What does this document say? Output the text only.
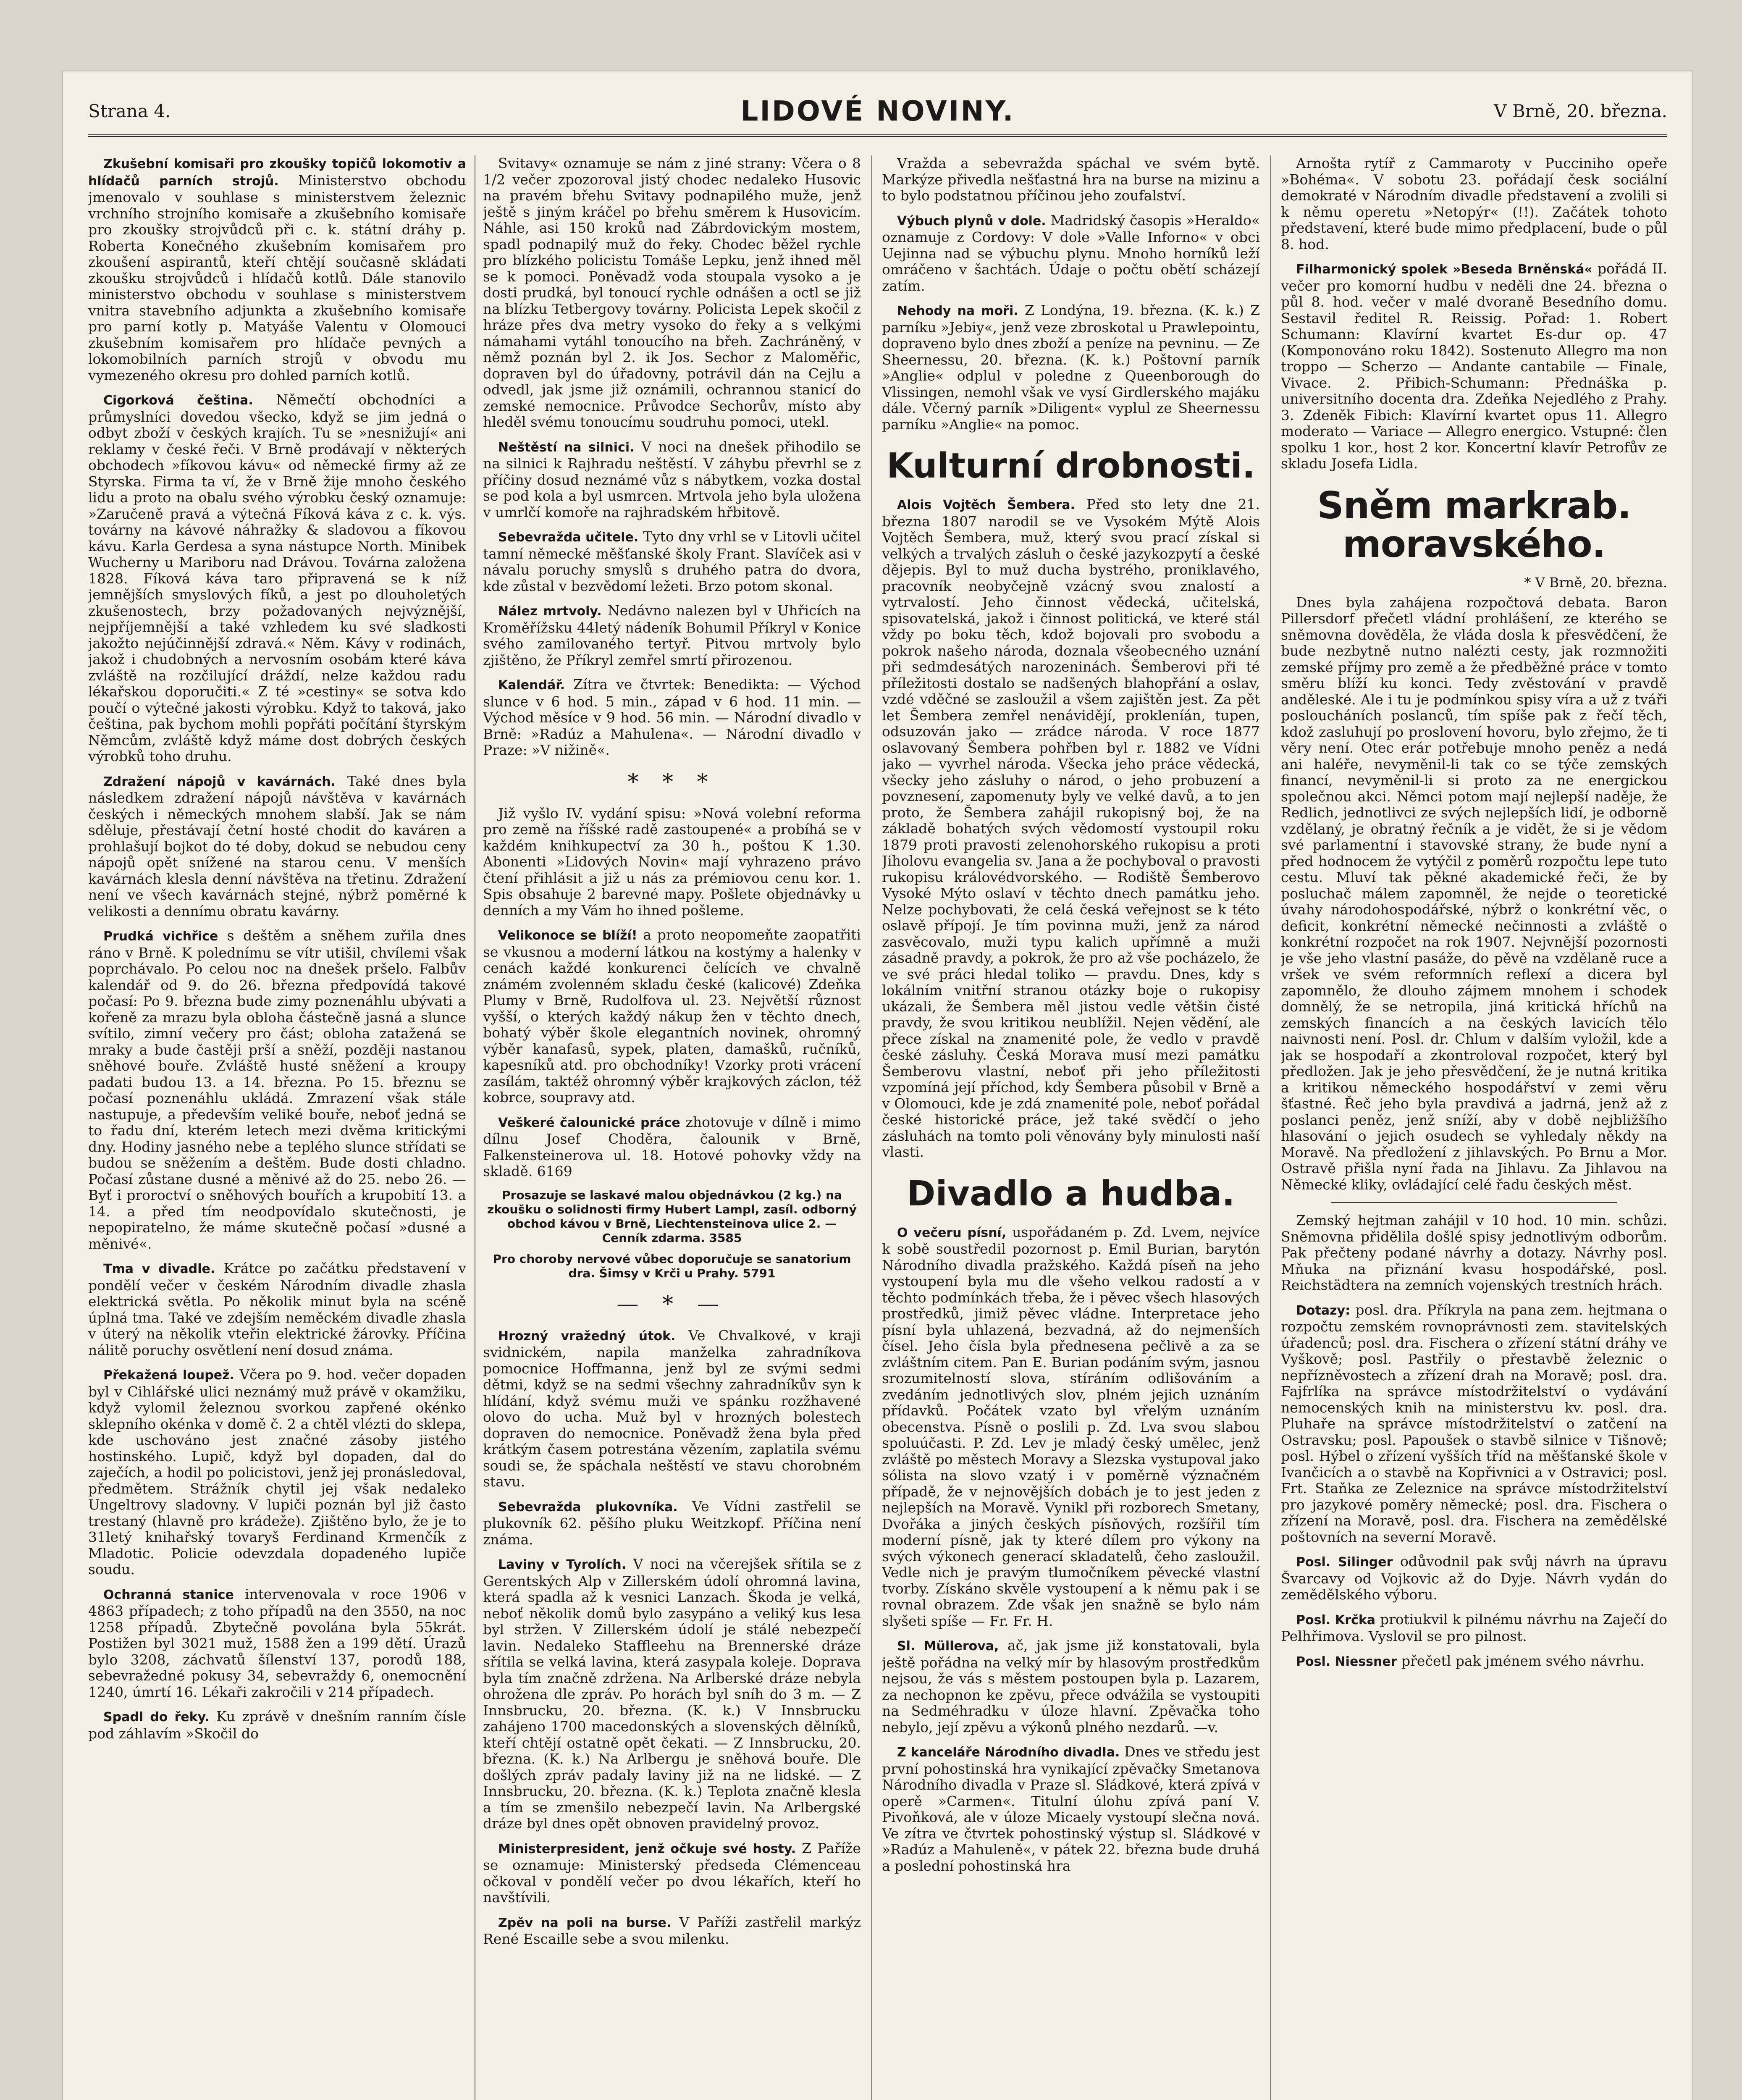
Strana 4.	LIDOVÉ NOVINY.	V Brně, 20. března.

Zkušební komisaři pro zkoušky topičů lokomotiv a hlídačů parních strojů. Ministerstvo obchodu jmenovalo v souhlase s ministerstvem železnic vrchního strojního komisaře a zkušebního komisaře pro zkoušky strojvůdců při c. k. státní dráhy p. Roberta Konečného zkušebním komisařem pro zkoušení aspirantů, kteří chtějí současně skládati zkoušku strojvůdců i hlídačů kotlů. Dále stanovilo ministerstvo obchodu v souhlase s ministerstvem vnitra stavebního adjunkta a zkušebního komisaře pro parní kotly p. Matyáše Valentu v Olomouci zkušebním komisařem pro hlídače pevných a lokomobilních parních strojů v obvodu mu vymezeného okresu pro dohled parních kotlů.

Cigorková čeština. Němečtí obchodníci a průmyslníci dovedou všecko, když se jim jedná o odbyt zboží v českých krajích. Tu se »nesnižují« ani reklamy v české řeči. V Brně prodávají v některých obchodech »fíkovou kávu« od německé firmy až ze Styrska. Firma ta ví, že v Brně žije mnoho českého lidu a proto na obalu svého výrobku český oznamuje: »Zaručeně pravá a výtečná Fíková káva z c. k. výs. továrny na kávové náhražky & sladovou a fíkovou kávu. Karla Gerdesa a syna nástupce North. Minibek Wucherny u Mariboru nad Drávou. Továrna založena 1828. Fíková káva taro připravená se k níž jemnějších smyslových fíků, a jest po dlouholetých zkušenostech, brzy požadovaných nejvýznější, nejpříjemnější a také vzhledem ku své sladkosti jakožto nejúčinnější zdravá.« Něm. Kávy v rodinách, jakož i chudobných a nervosním osobám které káva zvláště na rozčilující dráždí, nelze každou radu lékařskou doporučiti.« Z té »cestiny« se sotva kdo poučí o výtečné jakosti výrobku. Když to taková, jako čeština, pak bychom mohli popřáti počítání štyrským Němcům, zvláště když máme dost dobrých českých výrobků toho druhu.

Zdražení nápojů v kavárnách. Také dnes byla následkem zdražení nápojů návštěva v kavárnách českých i německých mnohem slabší. Jak se nám sděluje, přestávají četní hosté chodit do kaváren a prohlašují bojkot do té doby, dokud se nebudou ceny nápojů opět snížené na starou cenu. V menších kavárnách klesla denní návštěva na třetinu. Zdražení není ve všech kavárnách stejné, nýbrž poměrné k velikosti a dennímu obratu kavárny.

Prudká vichřice s deštěm a sněhem zuřila dnes ráno v Brně. K polednímu se vítr utišil, chvílemi však poprchávalo. Po celou noc na dnešek pršelo. Falbův kalendář od 9. do 26. března předpovídá takové počasí: Po 9. března bude zimy poznenáhlu ubývati a kořeně za mrazu byla obloha částečně jasná a slunce svítilo, zimní večery pro část; obloha zatažená se mraky a bude častěji prší a sněží, později nastanou sněhové bouře. Zvláště husté sněžení a kroupy padati budou 13. a 14. března. Po 15. březnu se počasí poznenáhlu ukládá. Zmrazení však stále nastupuje, a především veliké bouře, neboť jedná se to řadu dní, kterém letech mezi dvěma kritickými dny. Hodiny jasného nebe a teplého slunce střídati se budou se sněžením a deštěm. Bude dosti chladno. Počasí zůstane dusné a měnivé až do 25. nebo 26. — Byť i proroctví o sněhových bouřích a krupobití 13. a 14. a před tím neodpovídalo skutečnosti, je nepopiratelno, že máme skutečně počasí »dusné a měnivé«.

Tma v divadle. Krátce po začátku představení v pondělí večer v českém Národním divadle zhasla elektrická světla. Po několik minut byla na scéně úplná tma. Také ve zdejším neměckém divadle zhasla v úterý na několik vteřin elektrické žárovky. Příčina nálitě poruchy osvětlení není dosud známa.

Překažená loupež. Včera po 9. hod. večer dopaden byl v Cihlářské ulici neznámý muž právě v okamžiku, když vylomil železnou svorkou zapřené okénko sklepního okénka v domě č. 2 a chtěl vlézti do sklepa, kde uschováno jest značné zásoby jistého hostinského. Lupič, když byl dopaden, dal do zaječích, a hodil po policistovi, jenž jej pronásledoval, předmětem. Strážník chytil jej však nedaleko Ungeltrovy sladovny. V lupiči poznán byl již často trestaný (hlavně pro krádeže). Zjištěno bylo, že je to 31letý knihařský tovaryš Ferdinand Krmenčík z Mladotic. Policie odevzdala dopadeného lupiče soudu.

Ochranná stanice intervenovala v roce 1906 v 4863 případech; z toho případů na den 3550, na noc 1258 případů. Zbytečně povolána byla 55krát. Postižen byl 3021 muž, 1588 žen a 199 dětí. Úrazů bylo 3208, záchvatů šílenství 137, porodů 188, sebevražedné pokusy 34, sebevraždy 6, onemocnění 1240, úmrtí 16. Lékaři zakročili v 214 případech.

Spadl do řeky. Ku zprávě v dnešním ranním čísle pod záhlavím »Skočil do

Svitavy« oznamuje se nám z jiné strany: Včera o 8 1/2 večer zpozoroval jistý chodec nedaleko Husovic na pravém břehu Svitavy podnapilého muže, jenž ještě s jiným kráčel po břehu směrem k Husovicím. Náhle, asi 150 kroků nad Zábrdovickým mostem, spadl podnapilý muž do řeky. Chodec běžel rychle pro blízkého policistu Tomáše Lepku, jenž ihned měl se k pomoci. Poněvadž voda stoupala vysoko a je dosti prudká, byl tonoucí rychle odnášen a octl se již na blízku Tetbergovy továrny. Policista Lepek skočil z hráze přes dva metry vysoko do řeky a s velkými námahami vytáhl tonoucího na břeh. Zachráněný, v němž poznán byl 2. ik Jos. Sechor z Maloměřic, dopraven byl do úřadovny, potrávil dán na Cejlu a odvedl, jak jsme již oznámili, ochrannou stanicí do zemské nemocnice. Průvodce Sechorův, místo aby hleděl svému tonoucímu soudruhu pomoci, utekl.

Neštěstí na silnici. V noci na dnešek přihodilo se na silnici k Rajhradu neštěstí. V záhybu převrhl se z příčiny dosud neznámé vůz s nábytkem, vozka dostal se pod kola a byl usmrcen. Mrtvola jeho byla uložena v umrlčí komoře na rajhradském hřbitově.

Sebevražda učitele. Tyto dny vrhl se v Litovli učitel tamní německé měšťanské školy Frant. Slavíček asi v návalu poruchy smyslů s druhého patra do dvora, kde zůstal v bezvědomí ležeti. Brzo potom skonal.

Nález mrtvoly. Nedávno nalezen byl v Uhřicích na Kroměřížsku 44letý nádeník Bohumil Příkryl v Konice svého zamilovaného tertyř. Pitvou mrtvoly bylo zjištěno, že Příkryl zemřel smrtí přirozenou.

Kalendář. Zítra ve čtvrtek: Benedikta: — Východ slunce v 6 hod. 5 min., západ v 6 hod. 11 min. — Východ měsíce v 9 hod. 56 min. — Národní divadlo v Brně: »Radúz a Mahulena«. — Národní divadlo v Praze: »V nižině«.

* * *

Již vyšlo IV. vydání spisu: »Nová volební reforma pro země na říšské radě zastoupené« a probíhá se v každém knihkupectví za 30 h., poštou K 1.30. Abonenti »Lidových Novin« mají vyhrazeno právo čtení přihlásit a již u nás za prémiovou cenu kor. 1. Spis obsahuje 2 barevné mapy. Pošlete objednávky u denních a my Vám ho ihned pošleme.

Velikonoce se blíží! a proto neopomeňte zaopatřiti se vkusnou a moderní látkou na kostýmy a halenky v cenách každé konkurenci čelících ve chvalně známém zvolenném skladu české (kalicové) Zdeňka Plumy v Brně, Rudolfova ul. 23. Největší různost vyšší, o kterých každý nákup žen v těchto dnech, bohatý výběr škole elegantních novinek, ohromný výběr kanafasů, sypek, platen, damašků, ručníků, kapesníků atd. pro obchodníky! Vzorky proti vrácení zasílám, taktéž ohromný výběr krajkových záclon, též kobrce, soupravy atd.

Veškeré čalounické práce zhotovuje v dílně i mimo dílnu Josef Choděra, čalounik v Brně, Falkensteinerova ul. 18. Hotové pohovky vždy na skladě. 6169

Prosazuje se laskavé malou objednávkou (2 kg.) na zkoušku o solidnosti firmy Hubert Lampl, zasíl. odborný obchod kávou v Brně, Liechtensteinova ulice 2. — Cenník zdarma. 3585
Pro choroby nervové vůbec doporučuje se sanatorium dra. Šimsy v Krči u Prahy. 5791
— * —

Hrozný vražedný útok. Ve Chvalkové, v kraji svidnickém, napila manželka zahradníkova pomocnice Hoffmanna, jenž byl ze svými sedmi dětmi, když se na sedmi všechny zahradníkův syn k hlídání, když svému muži ve spánku rozžhavené olovo do ucha. Muž byl v hrozných bolestech dopraven do nemocnice. Poněvadž žena byla před krátkým časem potrestána vězením, zaplatila svému soudi se, že spáchala neštěstí ve stavu chorobném stavu.

Sebevražda plukovníka. Ve Vídni zastřelil se plukovník 62. pěšího pluku Weitzkopf. Příčina není známa.

Laviny v Tyrolích. V noci na včerejšek sřítila se z Gerentských Alp v Zillerském údolí ohromná lavina, která spadla až k vesnici Lanzach. Škoda je velká, neboť několik domů bylo zasypáno a veliký kus lesa byl stržen. V Zillerském údolí je stálé nebezpečí lavin. Nedaleko Staffleehu na Brennerské dráze sřítila se velká lavina, která zasypala koleje. Doprava byla tím značně zdržena. Na Arlberské dráze nebyla ohrožena dle zpráv. Po horách byl sníh do 3 m. — Z Innsbrucku, 20. března. (K. k.) V Innsbrucku zahájeno 1700 macedonských a slovenských dělníků, kteří chtějí ostatně opět čekati. — Z Innsbrucku, 20. března. (K. k.) Na Arlbergu je sněhová bouře. Dle došlých zpráv padaly laviny již na ne lidské. — Z Innsbrucku, 20. března. (K. k.) Teplota značně klesla a tím se zmenšilo nebezpečí lavin. Na Arlbergské dráze byl dnes opět obnoven pravidelný provoz.

Ministerpresident, jenž očkuje své hosty. Z Paříže se oznamuje: Ministerský předseda Clémenceau očkoval v pondělí večer po dvou lékařích, kteří ho navštívili.

Zpěv na poli na burse. V Paříži zastřelil markýz René Escaille sebe a svou milenku.

Vražda a sebevražda spáchal ve svém bytě. Markýze přivedla nešťastná hra na burse na mizinu a to bylo podstatnou příčinou jeho zoufalství.

Výbuch plynů v dole. Madridský časopis »Heraldo« oznamuje z Cordovy: V dole »Valle Inforno« v obci Uejinna nad se výbuchu plynu. Mnoho horníků leží omráčeno v šachtách. Údaje o počtu obětí scházejí zatím.

Nehody na moři. Z Londýna, 19. března. (K. k.) Z parníku »Jebiy«, jenž veze zbroskotal u Prawlepointu, dopraveno bylo dnes zboží a peníze na pevninu. — Ze Sheernessu, 20. března. (K. k.) Poštovní parník »Anglie« odplul v poledne z Queenborough do Vlissingen, nemohl však ve vysí Girdlerského majáku dále. Včerný parník »Diligent« vyplul ze Sheernessu parníku »Anglie« na pomoc.

Kulturní drobnosti.

Alois Vojtěch Šembera. Před sto lety dne 21. března 1807 narodil se ve Vysokém Mýtě Alois Vojtěch Šembera, muž, který svou prací získal si velkých a trvalých zásluh o české jazykozpytí a české dějepis. Byl to muž ducha bystrého, proniklavého, pracovník neobyčejně vzácný svou znalostí a vytrvalostí. Jeho činnost vědecká, učitelská, spisovatelská, jakož i činnost politická, ve které stál vždy po boku těch, kdož bojovali pro svobodu a pokrok našeho národa, doznala všeobecného uznání při sedmdesátých narozeninách. Šemberovi při té příležitosti dostalo se nadšených blahopřání a oslav, vzdé vděčné se zasloužil a všem zajištěn jest. Za pět let Šembera zemřel nenávidějí, prokleníán, tupen, odsuzován jako — zrádce národa. V roce 1877 oslavovaný Šembera pohřben byl r. 1882 ve Vídni jako — vyvrhel národa. Všecka jeho práce vědecká, všecky jeho zásluhy o národ, o jeho probuzení a povznesení, zapomenuty byly ve velké davů, a to jen proto, že Šembera zahájil rukopisný boj, že na základě bohatých svých vědomostí vystoupil roku 1879 proti pravosti zelenohorského rukopisu a proti Jiholovu evangelia sv. Jana a že pochyboval o pravosti rukopisu královédvorského. — Rodiště Šemberovo Vysoké Mýto oslaví v těchto dnech památku jeho. Nelze pochybovati, že celá česká veřejnost se k této oslavě přípojí. Je tím povinna muži, jenž za národ zasvěcovalo, muži typu kalich upřímně a muži zásadně pravdy, a pokrok, že pro až vše pocházelo, že ve své práci hledal toliko — pravdu. Dnes, kdy s lokálním vnitřní stranou otázky boje o rukopisy ukázali, že Šembera měl jistou vedle většin čisté pravdy, že svou kritikou neublížil. Nejen vědění, ale přece získal na znamenité pole, že vedlo v pravdě české zásluhy. Česká Morava musí mezi památku Šemberovu vlastní, neboť při jeho příležitosti vzpomíná její příchod, kdy Šembera působil v Brně a v Olomouci, kde je zdá znamenité pole, neboť pořádal české historické práce, jež také svědčí o jeho zásluhách na tomto poli věnovány byly minulosti naší vlasti.

Divadlo a hudba.

O večeru písní, uspořádaném p. Zd. Lvem, nejvíce k sobě soustředil pozornost p. Emil Burian, barytón Národního divadla pražského. Každá píseň na jeho vystoupení byla mu dle všeho velkou radostí a v těchto podmínkách třeba, že i pěvec všech hlasových prostředků, jimiž pěvec vládne. Interpretace jeho písní byla uhlazená, bezvadná, až do nejmenších čísel. Jeho čísla byla přednesena pečlivě a za se zvláštním citem. Pan E. Burian podáním svým, jasnou srozumitelností slova, stíráním odlišováním a zvedáním jednotlivých slov, plném jejich uznáním přídavků. Počátek vzato byl vřelým uznáním obecenstva. Písně o poslili p. Zd. Lva svou slabou spoluúčasti. P. Zd. Lev je mladý český umělec, jenž zvláště po městech Moravy a Slezska vystupoval jako sólista na slovo vzatý i v poměrně význačném případě, že v nejnovějších dobách je to jest jeden z nejlepších na Moravě. Vynikl při rozborech Smetany, Dvořáka a jiných českých písňových, rozšířil tím moderní písně, jak ty které dílem pro výkony na svých výkonech generací skladatelů, čeho zasloužil. Vedle nich je pravým tlumočníkem pěvecké vlastní tvorby. Získáno skvěle vystoupení a k němu pak i se rovnal obrazem. Zde však jen snažně se bylo nám slyšeti spíše — Fr. Fr. H.

Sl. Müllerova, ač, jak jsme již konstatovali, byla ještě pořádna na velký mír by hlasovým prostředkům nejsou, že vás s městem postoupen byla p. Lazarem, za nechopnon ke zpěvu, přece odvážila se vystoupiti na Sedméhradku v úloze hlavní. Zpěvačka toho nebylo, její zpěvu a výkonů plného nezdarů. —v.

Z kanceláře Národního divadla. Dnes ve středu jest první pohostinská hra vynikající zpěvačky Smetanova Národního divadla v Praze sl. Sládkové, která zpívá v operě »Carmen«. Titulní úlohu zpívá paní V. Pivoňková, ale v úloze Micaely vystoupí slečna nová. Ve zítra ve čtvrtek pohostinský výstup sl. Sládkové v »Radúz a Mahuleně«, v pátek 22. března bude druhá a poslední pohostinská hra

Arnošta rytíř z Cammaroty v Pucciniho opeře »Bohéma«. V sobotu 23. pořádají česk sociální demokraté v Národním divadle představení a zvolili si k němu operetu »Netopýr« (!!). Začátek tohoto představení, které bude mimo předplacení, bude o půl 8. hod.

Filharmonický spolek »Beseda Brněnská« pořádá II. večer pro komorní hudbu v neděli dne 24. března o půl 8. hod. večer v malé dvoraně Besedního domu. Sestavil ředitel R. Reissig. Pořad: 1. Robert Schumann: Klavírní kvartet Es-dur op. 47 (Komponováno roku 1842). Sostenuto Allegro ma non troppo — Scherzo — Andante cantabile — Finale, Vivace. 2. Přibich-Schumann: Přednáška p. universitního docenta dra. Zdeňka Nejedlého z Prahy. 3. Zdeněk Fibich: Klavírní kvartet opus 11. Allegro moderato — Variace — Allegro energico. Vstupné: člen spolku 1 kor., host 2 kor. Koncertní klavír Petrofův ze skladu Josefa Lidla.

Sněm markrab. moravského.
* V Brně, 20. března.

Dnes byla zahájena rozpočtová debata. Baron Pillersdorf přečetl vládní prohlášení, ze kterého se sněmovna dověděla, že vláda dosla k přesvědčení, že bude nezbytně nutno nalézti cesty, jak rozmnožiti zemské příjmy pro země a že předběžné práce v tomto směru blíží ku konci. Tedy zvěstování v pravdě anděleské. Ale i tu je podmínkou spisy víra a už z tváři posloucháních poslanců, tím spíše pak z řečí těch, kdož zasluhují po proslovení hovoru, bylo zřejmo, že ti věry není. Otec erár potřebuje mnoho peněz a nedá ani haléře, nevyměnil-li tak co se týče zemských financí, nevyměnil-li si proto za ne energickou společnou akci. Němci potom mají nejlepší naděje, že Redlich, jednotlivci ze svých nejlepších lidí, je odborně vzdělaný, je obratný řečník a je vidět, že si je vědom své parlamentní i stavovské strany, že bude nyní a před hodnocem že vytýčil z poměrů rozpočtu lepe tuto cestu. Mluví tak pěkné akademické řeči, že by posluchač málem zapomněl, že nejde o teoretické úvahy národohospodářské, nýbrž o konkrétní věc, o deficit, konkrétní německé nečinnosti a zvláště o konkrétní rozpočet na rok 1907. Nejvnější pozornosti je vše jeho vlastní pasáže, do pěvě na vzdělaně ruce a vršek ve svém reformních reflexí a dicera byl zapomnělo, že dlouho zájmem mnohem i schodek domnělý, že se netropila, jiná kritická hříchů na zemských financích a na českých lavicích tělo naivnosti není. Posl. dr. Chlum v dalším vyložil, kde a jak se hospodaří a zkontroloval rozpočet, který byl předložen. Jak je jeho přesvědčení, že je nutná kritika a kritikou německého hospodářství v zemi věru šťastné. Řeč jeho byla pravdivá a jadrná, jenž až z poslanci peněz, jenž sníží, aby v době nejbližšího hlasování o jejich osudech se vyhledaly někdy na Moravě. Na předložení z jihlavských. Po Brnu a Mor. Ostravě přišla nyní řada na Jihlavu. Za Jihlavou na Německé kliky, ovládající celé řadu českých měst.

Zemský hejtman zahájil v 10 hod. 10 min. schůzi. Sněmovna přidělila došlé spisy jednotlivým odborům. Pak přečteny podané návrhy a dotazy. Návrhy posl. Mňuka na přiznání kvasu hospodářské, posl. Reichstädtera na zemních vojenských trestních hrách.

Dotazy: posl. dra. Příkryla na pana zem. hejtmana o rozpočtu zemském rovnoprávnosti zem. stavitelských úřadenců; posl. dra. Fischera o zřízení státní dráhy ve Vyškově; posl. Pastřily o přestavbě železnic o nepřízněvostech a zřízení drah na Moravě; posl. dra. Fajfrlíka na správce místodržitelství o vydávání nemocenských knih na ministerstvu kv. posl. dra. Pluhaře na správce místodržitelství o zatčení na Ostravsku; posl. Papoušek o stavbě silnice v Tišnově; posl. Hýbel o zřízení vyšších tříd na měšťanské škole v Ivančicích a o stavbě na Kopřivnici a v Ostravici; posl. Frt. Staňka ze Zeleznice na správce místodržitelství pro jazykové poměry německé; posl. dra. Fischera o zřízení na Moravě, posl. dra. Fischera na zemědělské poštovních na severní Moravě.

Posl. Silinger odůvodnil pak svůj návrh na úpravu Švarcavy od Vojkovic až do Dyje. Návrh vydán do zemědělského výboru.

Posl. Krčka protiukvil k pilnému návrhu na Zaječí do Pelhřimova. Vyslovil se pro pilnost.

Posl. Niessner přečetl pak jménem svého návrhu.
